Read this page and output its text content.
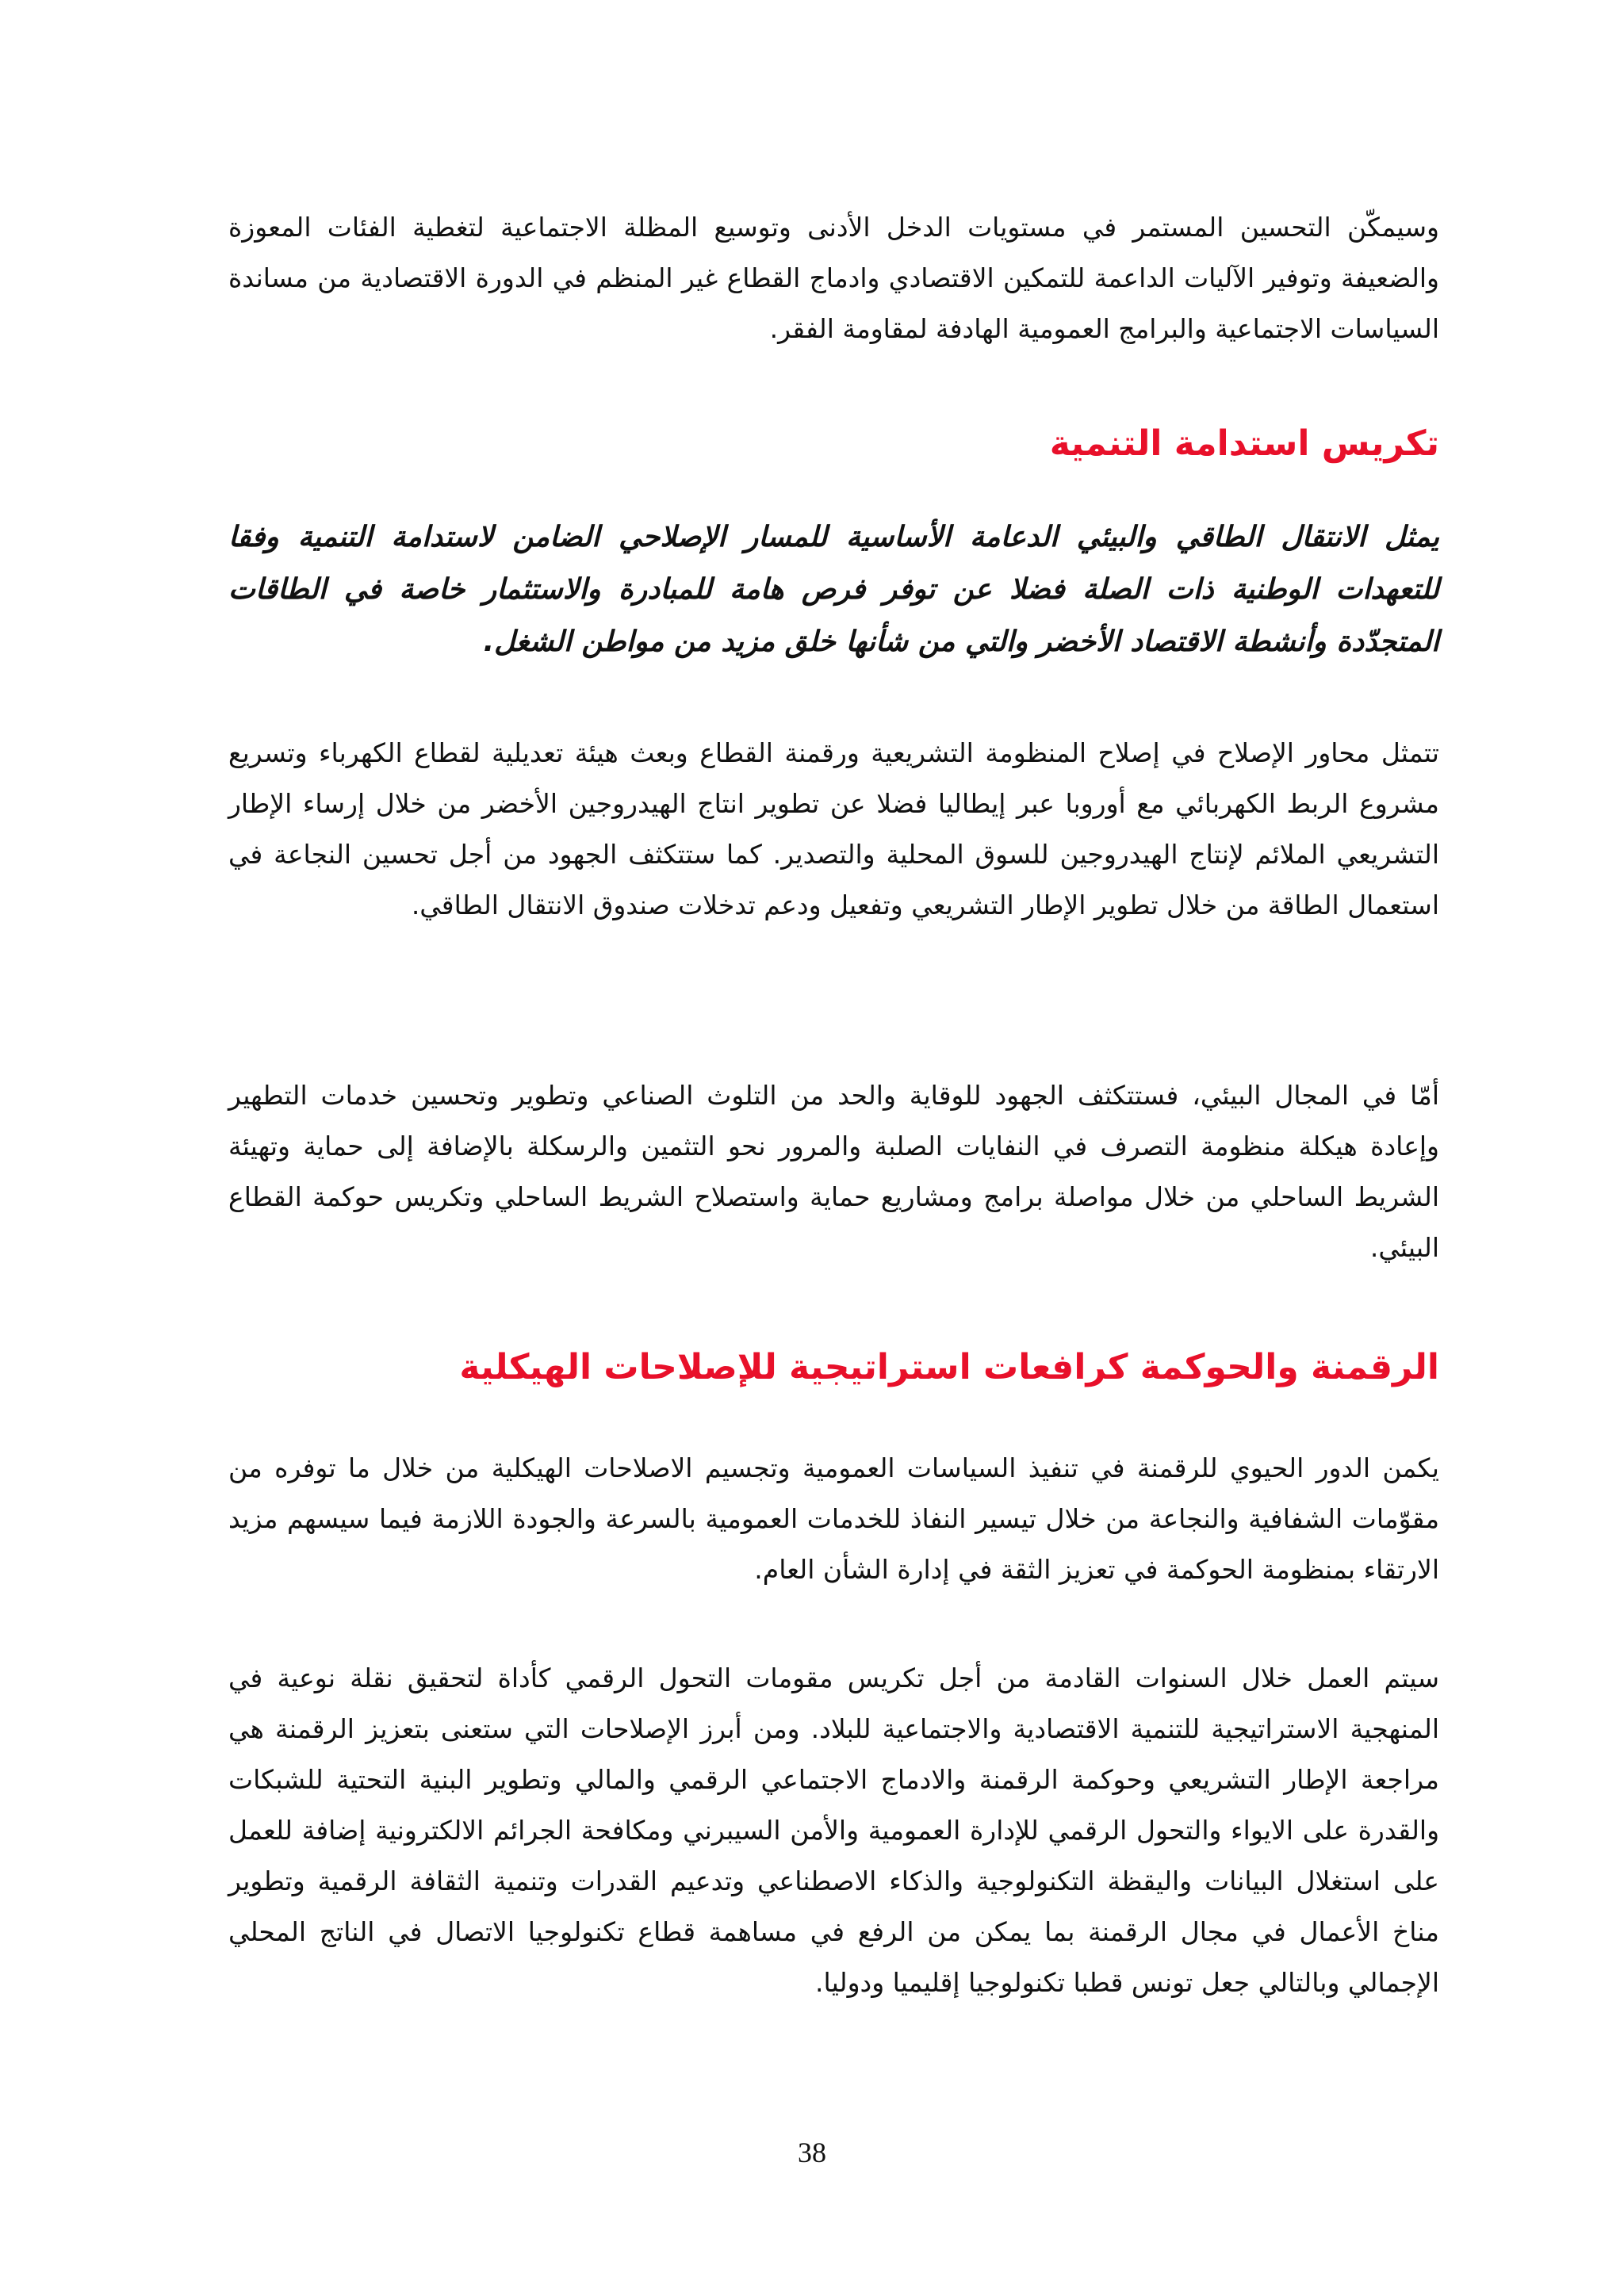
وسيمكّن التحسين المستمر في مستويات الدخل الأدنى وتوسيع المظلة الاجتماعية لتغطية الفئات المعوزة والضعيفة وتوفير الآليات الداعمة للتمكين الاقتصادي وادماج القطاع غير المنظم في الدورة الاقتصادية من مساندة السياسات الاجتماعية والبرامج العمومية الهادفة لمقاومة الفقر.

تكريس استدامة التنمية

يمثل الانتقال الطاقي والبيئي الدعامة الأساسية للمسار الإصلاحي الضامن لاستدامة التنمية وفقا للتعهدات الوطنية ذات الصلة فضلا عن توفر فرص هامة للمبادرة والاستثمار خاصة في الطاقات المتجدّدة وأنشطة الاقتصاد الأخضر والتي من شأنها خلق مزيد من مواطن الشغل.

تتمثل محاور الإصلاح في إصلاح المنظومة التشريعية ورقمنة القطاع وبعث هيئة تعديلية لقطاع الكهرباء وتسريع مشروع الربط الكهربائي مع أوروبا عبر إيطاليا فضلا عن تطوير انتاج الهيدروجين الأخضر من خلال إرساء الإطار التشريعي الملائم لإنتاج الهيدروجين للسوق المحلية والتصدير. كما ستتكثف الجهود من أجل تحسين النجاعة في استعمال الطاقة من خلال تطوير الإطار التشريعي وتفعيل ودعم تدخلات صندوق الانتقال الطاقي.

أمّا في المجال البيئي، فستتكثف الجهود للوقاية والحد من التلوث الصناعي وتطوير وتحسين خدمات التطهير وإعادة هيكلة منظومة التصرف في النفايات الصلبة والمرور نحو التثمين والرسكلة بالإضافة إلى حماية وتهيئة الشريط الساحلي من خلال مواصلة برامج ومشاريع حماية واستصلاح الشريط الساحلي وتكريس حوكمة القطاع البيئي.

الرقمنة والحوكمة كرافعات استراتيجية للإصلاحات الهيكلية

يكمن الدور الحيوي للرقمنة في تنفيذ السياسات العمومية وتجسيم الاصلاحات الهيكلية من خلال ما توفره من مقوّمات الشفافية والنجاعة من خلال تيسير النفاذ للخدمات العمومية بالسرعة والجودة اللازمة فيما سيسهم مزيد الارتقاء بمنظومة الحوكمة في تعزيز الثقة في إدارة الشأن العام.

سيتم العمل خلال السنوات القادمة من أجل تكريس مقومات التحول الرقمي كأداة لتحقيق نقلة نوعية في المنهجية الاستراتيجية للتنمية الاقتصادية والاجتماعية للبلاد. ومن أبرز الإصلاحات التي ستعنى بتعزيز الرقمنة هي مراجعة الإطار التشريعي وحوكمة الرقمنة والادماج الاجتماعي الرقمي والمالي وتطوير البنية التحتية للشبكات والقدرة على الايواء والتحول الرقمي للإدارة العمومية والأمن السيبرني ومكافحة الجرائم الالكترونية إضافة للعمل على استغلال البيانات واليقظة التكنولوجية والذكاء الاصطناعي وتدعيم القدرات وتنمية الثقافة الرقمية وتطوير مناخ الأعمال في مجال الرقمنة بما يمكن من الرفع في مساهمة قطاع تكنولوجيا الاتصال في الناتج المحلي الإجمالي وبالتالي جعل تونس قطبا تكنولوجيا إقليميا ودوليا.

38
